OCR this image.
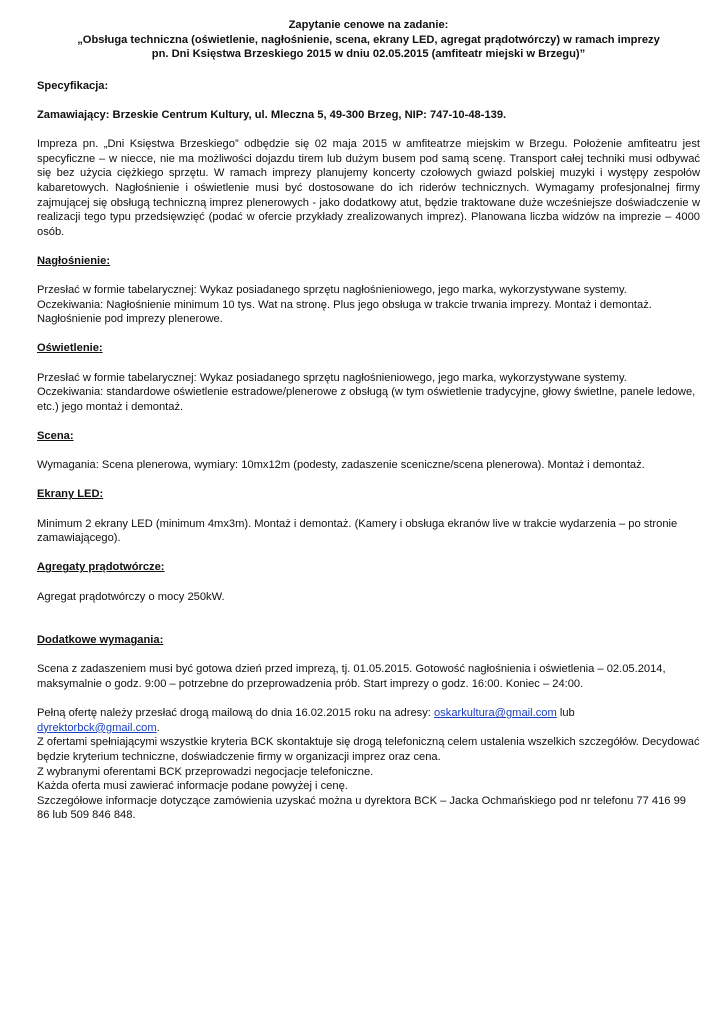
Zapytanie cenowe na zadanie:
„Obsługa techniczna (oświetlenie, nagłośnienie, scena, ekrany LED, agregat prądotwórczy) w ramach imprezy
pn. Dni Księstwa Brzeskiego 2015 w dniu 02.05.2015 (amfiteatr miejski w Brzegu)”

Specyfikacja:

Zamawiający: Brzeskie Centrum Kultury, ul. Mleczna 5, 49-300 Brzeg, NIP: 747-10-48-139.

Impreza pn. „Dni Księstwa Brzeskiego” odbędzie się 02 maja 2015 w amfiteatrze miejskim w Brzegu. Położenie amfiteatru jest specyficzne – w niecce, nie ma możliwości dojazdu tirem lub dużym busem pod samą scenę. Transport całej techniki musi odbywać się bez użycia ciężkiego sprzętu. W ramach imprezy planujemy koncerty czołowych gwiazd polskiej muzyki i występy zespołów kabaretowych. Nagłośnienie i oświetlenie musi być dostosowane do ich riderów technicznych. Wymagamy profesjonalnej firmy zajmującej się obsługą techniczną imprez plenerowych - jako dodatkowy atut, będzie traktowane duże wcześniejsze doświadczenie w realizacji tego typu przedsięwzięć (podać w ofercie przykłady zrealizowanych imprez). Planowana liczba widzów na imprezie – 4000 osób.

Nagłośnienie:

Przesłać w formie tabelarycznej: Wykaz posiadanego sprzętu nagłośnieniowego, jego marka, wykorzystywane systemy.

Oczekiwania: Nagłośnienie minimum 10 tys. Wat na stronę. Plus jego obsługa w trakcie trwania imprezy. Montaż i demontaż.

Nagłośnienie pod imprezy plenerowe.

Oświetlenie:

Przesłać w formie tabelarycznej: Wykaz posiadanego sprzętu nagłośnieniowego, jego marka, wykorzystywane systemy.

Oczekiwania: standardowe oświetlenie estradowe/plenerowe z obsługą (w tym oświetlenie tradycyjne, głowy świetlne, panele ledowe, etc.) jego montaż i demontaż.

Scena:

Wymagania: Scena plenerowa, wymiary: 10mx12m (podesty, zadaszenie sceniczne/scena plenerowa). Montaż i demontaż.

Ekrany LED:

Minimum 2 ekrany LED (minimum 4mx3m). Montaż i demontaż. (Kamery i obsługa ekranów live w trakcie wydarzenia – po stronie zamawiającego).

Agregaty prądotwórcze:

Agregat prądotwórczy o mocy 250kW.

Dodatkowe wymagania:

Scena z zadaszeniem musi być gotowa dzień przed imprezą, tj. 01.05.2015. Gotowość nagłośnienia i oświetlenia – 02.05.2014, maksymalnie o godz. 9:00 – potrzebne do przeprowadzenia prób. Start imprezy o godz. 16:00. Koniec – 24:00.

Pełną ofertę należy przesłać drogą mailową do dnia 16.02.2015 roku na adresy: oskarkultura@gmail.com lub dyrektorbck@gmail.com.

Z ofertami spełniającymi wszystkie kryteria BCK skontaktuje się drogą telefoniczną celem ustalenia wszelkich szczegółów. Decydować będzie kryterium techniczne, doświadczenie firmy w organizacji imprez oraz cena.

Z wybranymi oferentami BCK przeprowadzi negocjacje telefoniczne.

Każda oferta musi zawierać informacje podane powyżej i cenę.

Szczegółowe informacje dotyczące zamówienia uzyskać można u dyrektora BCK – Jacka Ochmańskiego pod nr telefonu 77 416 99 86 lub 509 846 848.
